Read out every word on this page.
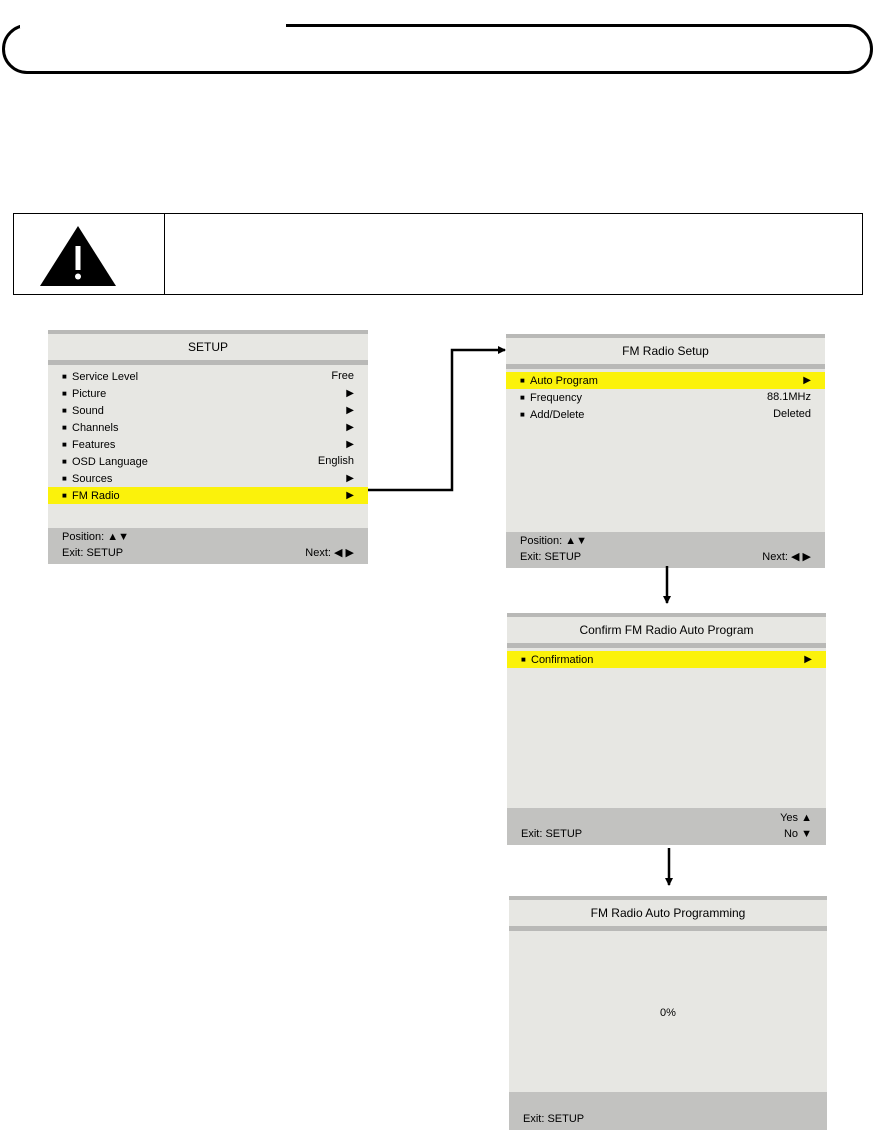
SETUP
■ Service Level	Free
■ Picture	▶
■ Sound	▶
■ Channels	▶
■ Features	▶
■ OSD Language	English
■ Sources	▶
■ FM Radio	▶
Position: ▲▼
Exit: SETUP	Next: ◀ ▶
FM Radio Setup
■ Auto Program	▶
■ Frequency	88.1MHz
■ Add/Delete	Deleted
Position: ▲▼
Exit: SETUP	Next: ◀ ▶
Confirm FM Radio Auto Program
■ Confirmation	▶
Yes ▲
Exit: SETUP	No ▼
FM Radio Auto Programming
0%
Exit: SETUP
